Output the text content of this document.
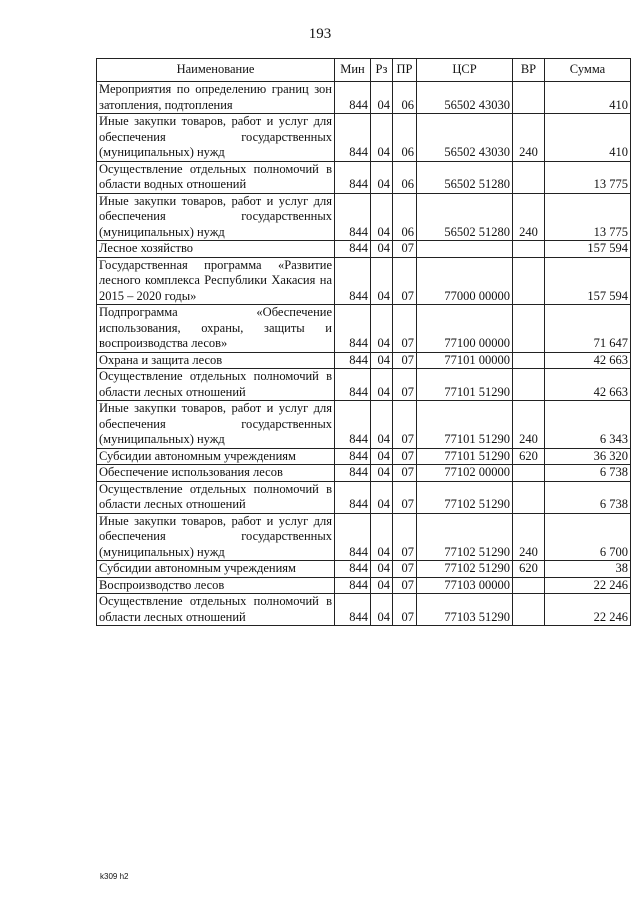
193
Наименование	Мин	Рз	ПР	ЦСР	ВР	Сумма
Мероприятия по определению границ зон затопления, подтопления	844	04	06	56502 43030		410
Иные закупки товаров, работ и услуг для обеспечения государственных (муниципальных) нужд	844	04	06	56502 43030	240	410
Осуществление отдельных полномочий в области водных отношений	844	04	06	56502 51280		13 775
Иные закупки товаров, работ и услуг для обеспечения государственных (муниципальных) нужд	844	04	06	56502 51280	240	13 775
Лесное хозяйство	844	04	07			157 594
Государственная программа «Развитие лесного комплекса Республики Хакасия на 2015 – 2020 годы»	844	04	07	77000 00000		157 594
Подпрограмма «Обеспечение использования, охраны, защиты и воспроизводства лесов»	844	04	07	77100 00000		71 647
Охрана и защита лесов	844	04	07	77101 00000		42 663
Осуществление отдельных полномочий в области лесных отношений	844	04	07	77101 51290		42 663
Иные закупки товаров, работ и услуг для обеспечения государственных (муниципальных) нужд	844	04	07	77101 51290	240	6 343
Субсидии автономным учреждениям	844	04	07	77101 51290	620	36 320
Обеспечение использования лесов	844	04	07	77102 00000		6 738
Осуществление отдельных полномочий в области лесных отношений	844	04	07	77102 51290		6 738
Иные закупки товаров, работ и услуг для обеспечения государственных (муниципальных) нужд	844	04	07	77102 51290	240	6 700
Субсидии автономным учреждениям	844	04	07	77102 51290	620	38
Воспроизводство лесов	844	04	07	77103 00000		22 246
Осуществление отдельных полномочий в области лесных отношений	844	04	07	77103 51290		22 246
k309 h2
